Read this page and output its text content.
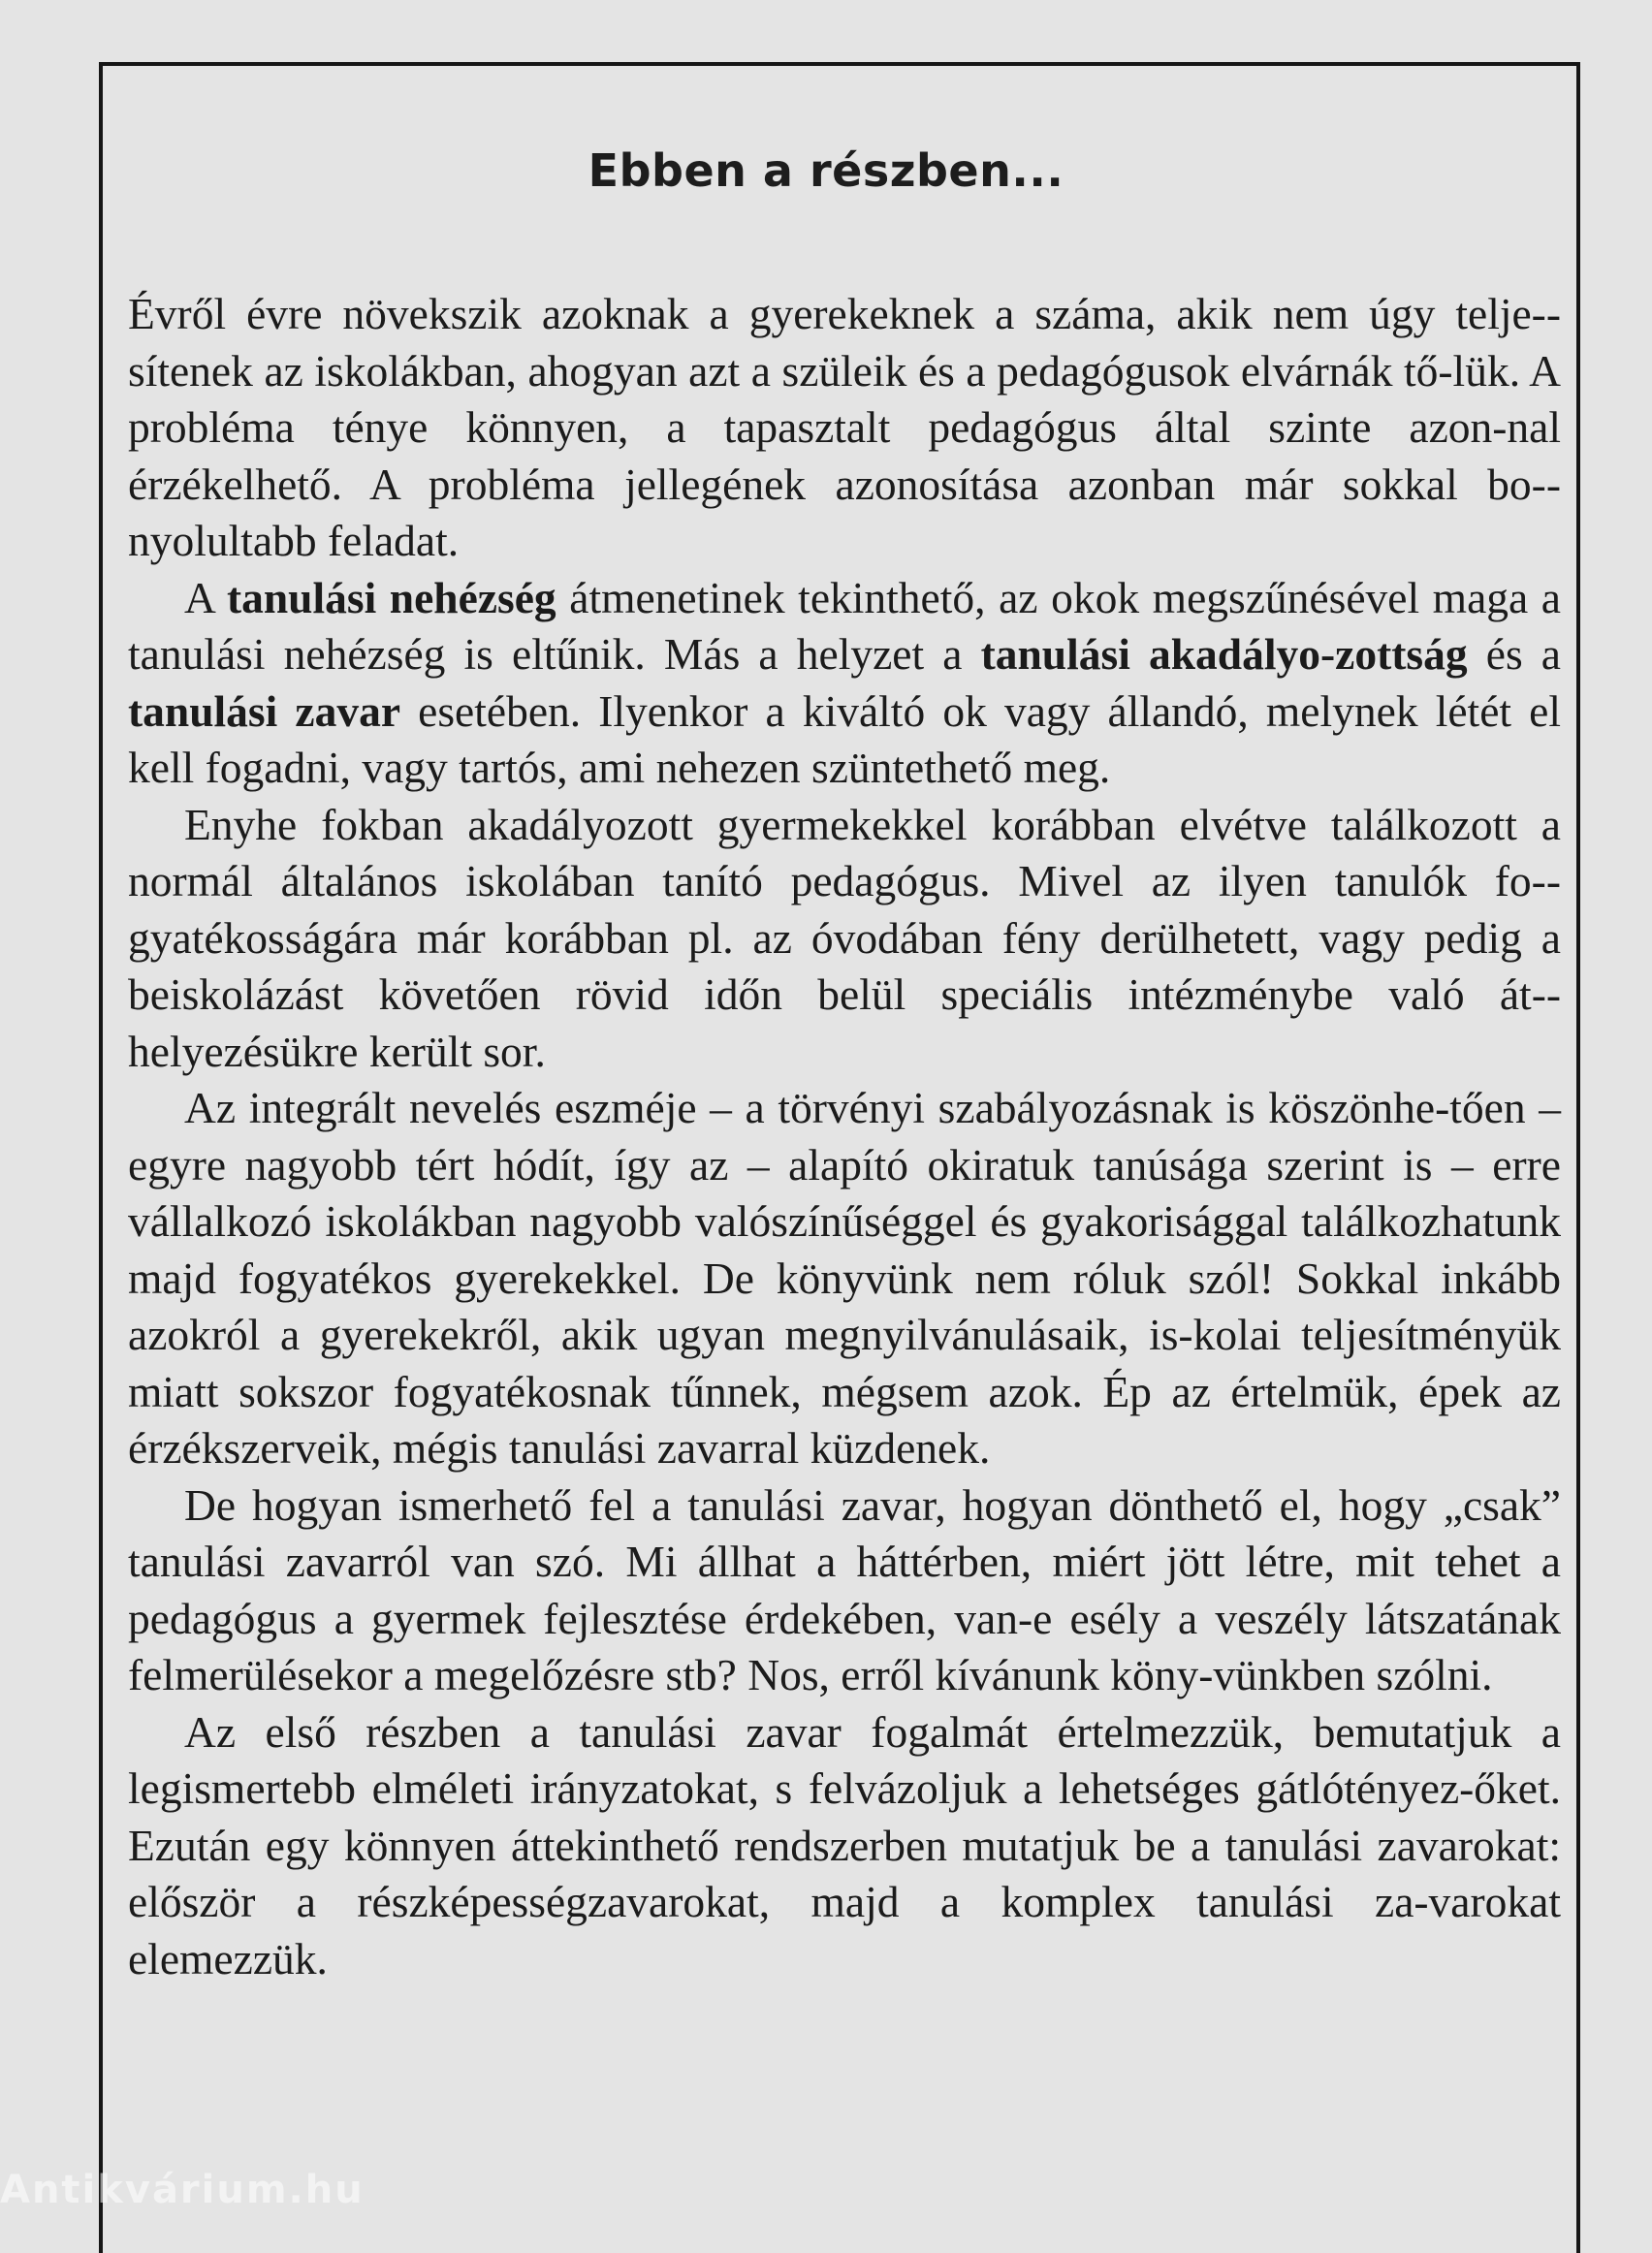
Ebben a részben...

Évről évre növekszik azoknak a gyerekeknek a száma, akik nem úgy telje-sítenek az iskolákban, ahogyan azt a szüleik és a pedagógusok elvárnák tő-lük. A probléma ténye könnyen, a tapasztalt pedagógus által szinte azon-nal érzékelhető. A probléma jellegének azonosítása azonban már sokkal bo-nyolultabb feladat.

A tanulási nehézség átmenetinek tekinthető, az okok megszűnésével maga a tanulási nehézség is eltűnik. Más a helyzet a tanulási akadályo-zottság és a tanulási zavar esetében. Ilyenkor a kiváltó ok vagy állandó, melynek létét el kell fogadni, vagy tartós, ami nehezen szüntethető meg.

Enyhe fokban akadályozott gyermekekkel korábban elvétve találkozott a normál általános iskolában tanító pedagógus. Mivel az ilyen tanulók fo-gyatékosságára már korábban pl. az óvodában fény derülhetett, vagy pedig a beiskolázást követően rövid időn belül speciális intézménybe való át-helyezésükre került sor.

Az integrált nevelés eszméje – a törvényi szabályozásnak is köszönhe-tően – egyre nagyobb tért hódít, így az – alapító okiratuk tanúsága szerint is – erre vállalkozó iskolákban nagyobb valószínűséggel és gyakorisággal találkozhatunk majd fogyatékos gyerekekkel. De könyvünk nem róluk szól! Sokkal inkább azokról a gyerekekről, akik ugyan megnyilvánulásaik, is-kolai teljesítményük miatt sokszor fogyatékosnak tűnnek, mégsem azok. Ép az értelmük, épek az érzékszerveik, mégis tanulási zavarral küzdenek.

De hogyan ismerhető fel a tanulási zavar, hogyan dönthető el, hogy „csak” tanulási zavarról van szó. Mi állhat a háttérben, miért jött létre, mit tehet a pedagógus a gyermek fejlesztése érdekében, van-e esély a veszély látszatának felmerülésekor a megelőzésre stb? Nos, erről kívánunk köny-vünkben szólni.

Az első részben a tanulási zavar fogalmát értelmezzük, bemutatjuk a legismertebb elméleti irányzatokat, s felvázoljuk a lehetséges gátlótényez-őket. Ezután egy könnyen áttekinthető rendszerben mutatjuk be a tanulási zavarokat: először a részképességzavarokat, majd a komplex tanulási za-varokat elemezzük.

Antikvárium.hu
